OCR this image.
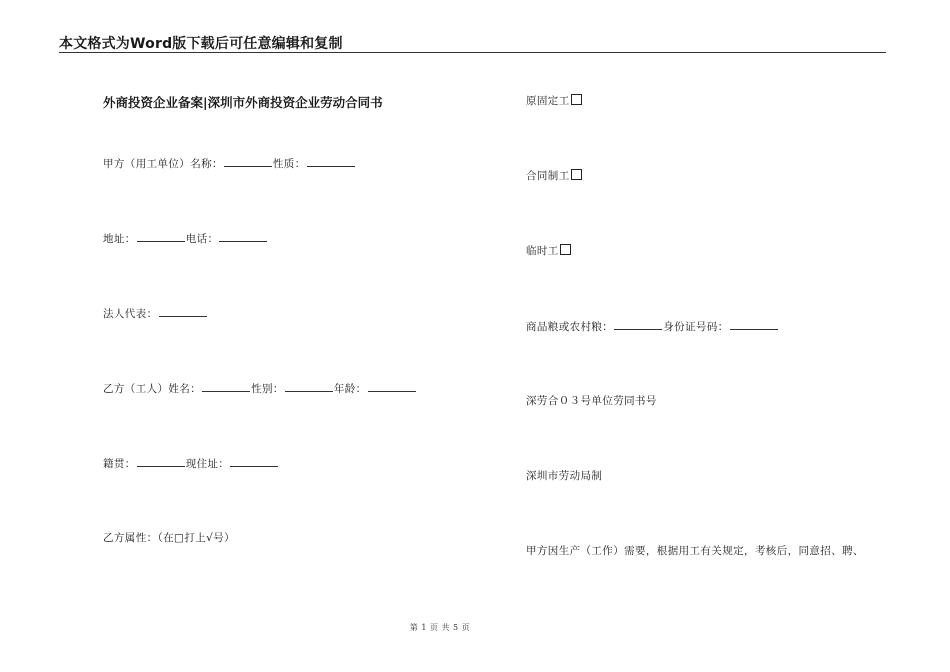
本文格式为Word版下载后可任意编辑和复制
外商投资企业备案|深圳市外商投资企业劳动合同书
甲方（用工单位）名称：	性质：
地址：	电话：
法人代表：
乙方（工人）姓名：	性别：	年龄：
籍贯：	现住址：
乙方属性：（在□打上√号）
原固定工
合同制工
临时工
商品粮或农村粮：	身份证号码：
深劳合０３号单位劳同书号
深圳市劳动局制
甲方因生产（工作）需要，根据用工有关规定，考核后，同意招、聘、
第 1 页 共 5 页
